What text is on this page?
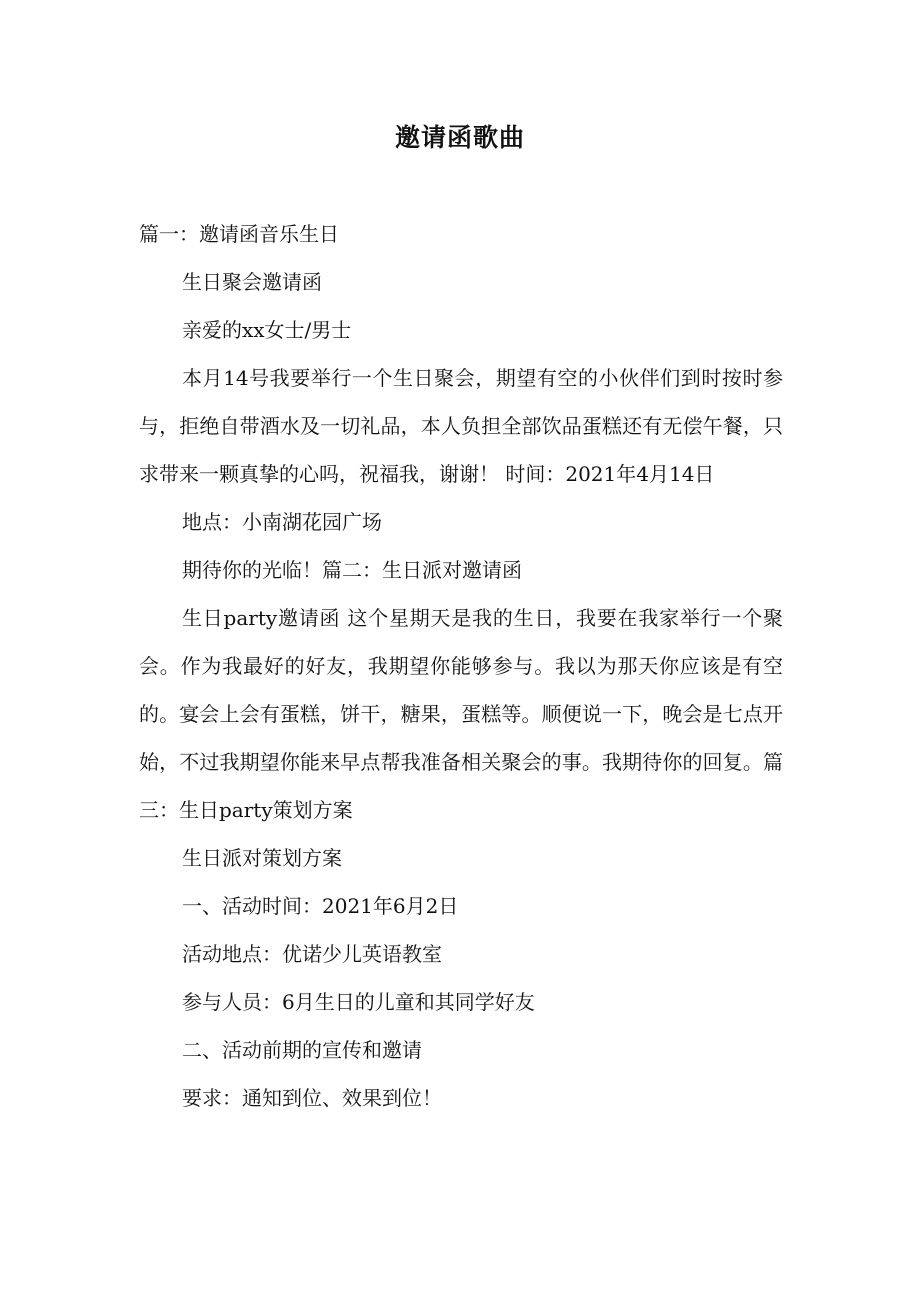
邀请函歌曲

篇一：邀请函音乐生日

生日聚会邀请函

亲爱的xx女士/男士

本月14号我要举行一个生日聚会，期望有空的小伙伴们到时按时参与，拒绝自带酒水及一切礼品，本人负担全部饮品蛋糕还有无偿午餐，只求带来一颗真挚的心吗，祝福我，谢谢！ 时间：2021年4月14日

地点：小南湖花园广场

期待你的光临！篇二：生日派对邀请函

生日party邀请函 这个星期天是我的生日，我要在我家举行一个聚会。作为我最好的好友，我期望你能够参与。我以为那天你应该是有空的。宴会上会有蛋糕，饼干，糖果，蛋糕等。顺便说一下，晚会是七点开始，不过我期望你能来早点帮我准备相关聚会的事。我期待你的回复。篇三：生日party策划方案

生日派对策划方案

一、活动时间：2021年6月2日

活动地点：优诺少儿英语教室

参与人员：6月生日的儿童和其同学好友

二、活动前期的宣传和邀请

要求：通知到位、效果到位！
